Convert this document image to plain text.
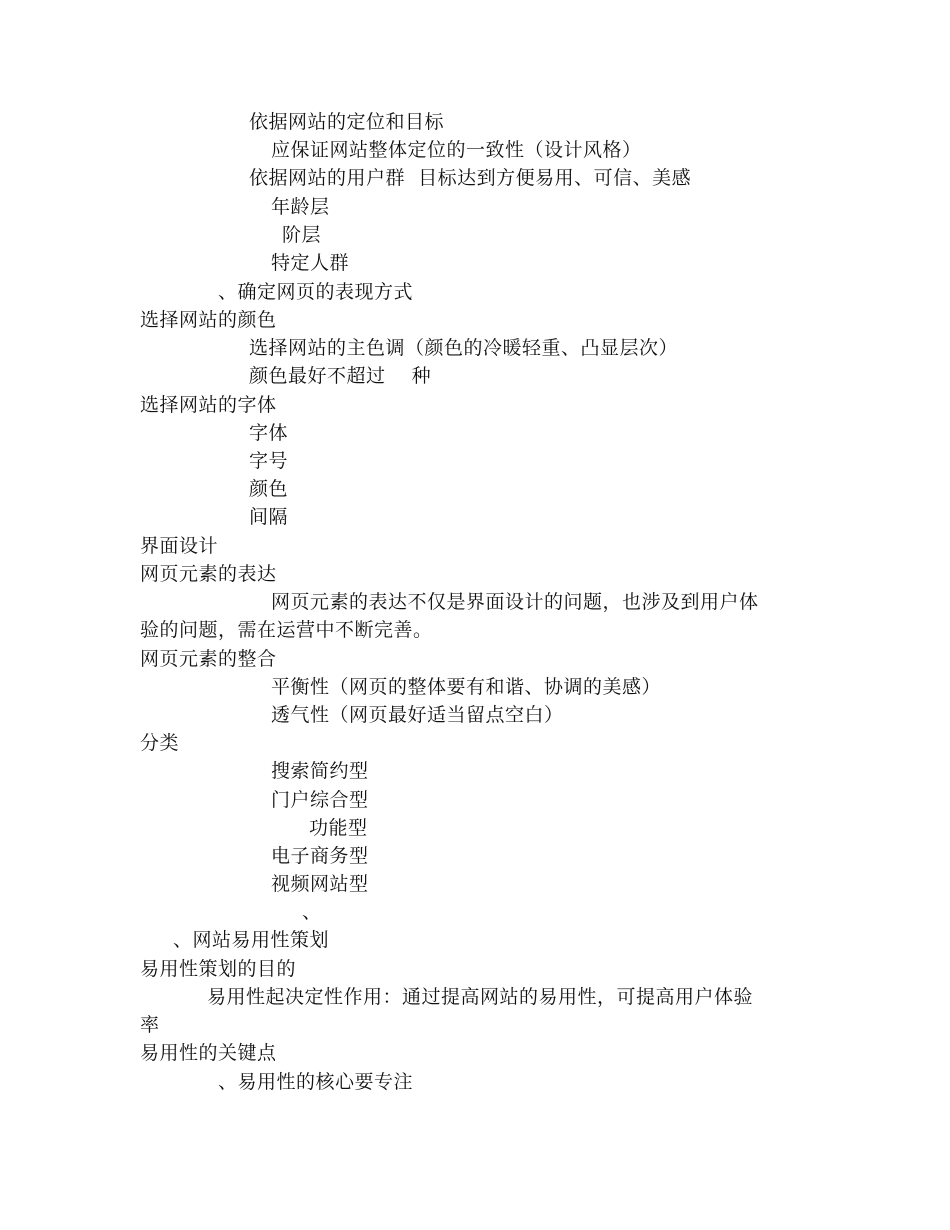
依据网站的定位和目标
应保证网站整体定位的一致性（设计风格）
依据网站的用户群  目标达到方便易用、可信、美感
年龄层
阶层
特定人群
、确定网页的表现方式
选择网站的颜色
选择网站的主色调（颜色的冷暖轻重、凸显层次）
颜色最好不超过    种
选择网站的字体
字体
字号
颜色
间隔
界面设计
网页元素的表达
网页元素的表达不仅是界面设计的问题，也涉及到用户体
验的问题，需在运营中不断完善。
网页元素的整合
平衡性（网页的整体要有和谐、协调的美感）
透气性（网页最好适当留点空白）
分类
搜索简约型
门户综合型
功能型
电子商务型
视频网站型
、
、网站易用性策划
易用性策划的目的
易用性起决定性作用：通过提高网站的易用性，可提高用户体验
率
易用性的关键点
、易用性的核心要专注
